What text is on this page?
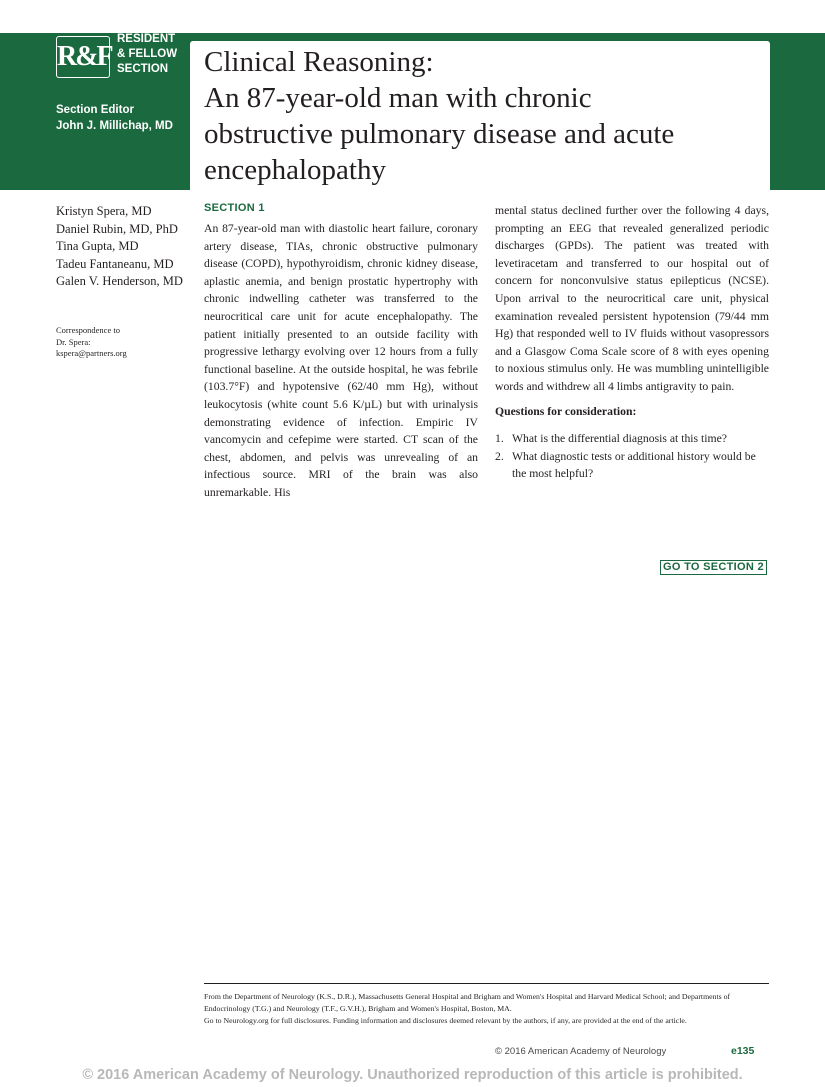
R&F
RESIDENT
& FELLOW
SECTION
Section Editor
John J. Millichap, MD
Clinical Reasoning:
An 87-year-old man with chronic
obstructive pulmonary disease and acute
encephalopathy
Kristyn Spera, MD
Daniel Rubin, MD, PhD
Tina Gupta, MD
Tadeu Fantaneanu, MD
Galen V. Henderson, MD
Correspondence to
Dr. Spera:
kspera@partners.org
SECTION 1
An 87-year-old man with diastolic heart failure, coronary artery disease, TIAs, chronic obstructive pulmonary disease (COPD), hypothyroidism, chronic kidney disease, aplastic anemia, and benign prostatic hypertrophy with chronic indwelling catheter was transferred to the neurocritical care unit for acute encephalopathy. The patient initially presented to an outside facility with progressive lethargy evolving over 12 hours from a fully functional baseline. At the outside hospital, he was febrile (103.7°F) and hypotensive (62/40 mm Hg), without leukocytosis (white count 5.6 K/µL) but with urinalysis demonstrating evidence of infection. Empiric IV vancomycin and cefepime were started. CT scan of the chest, abdomen, and pelvis was unrevealing of an infectious source. MRI of the brain was also unremarkable. His
mental status declined further over the following 4 days, prompting an EEG that revealed generalized periodic discharges (GPDs). The patient was treated with levetiracetam and transferred to our hospital out of concern for nonconvulsive status epilepticus (NCSE). Upon arrival to the neurocritical care unit, physical examination revealed persistent hypotension (79/44 mm Hg) that responded well to IV fluids without vasopressors and a Glasgow Coma Scale score of 8 with eyes opening to noxious stimulus only. He was mumbling unintelligible words and withdrew all 4 limbs antigravity to pain.
Questions for consideration:
1. What is the differential diagnosis at this time?
2. What diagnostic tests or additional history would be the most helpful?
GO TO SECTION 2

From the Department of Neurology (K.S., D.R.), Massachusetts General Hospital and Brigham and Women's Hospital and Harvard Medical School; and Departments of Endocrinology (T.G.) and Neurology (T.F., G.V.H.), Brigham and Women's Hospital, Boston, MA.

Go to Neurology.org for full disclosures. Funding information and disclosures deemed relevant by the authors, if any, are provided at the end of the article.

© 2016 American Academy of Neurology	e135
© 2016 American Academy of Neurology. Unauthorized reproduction of this article is prohibited.
